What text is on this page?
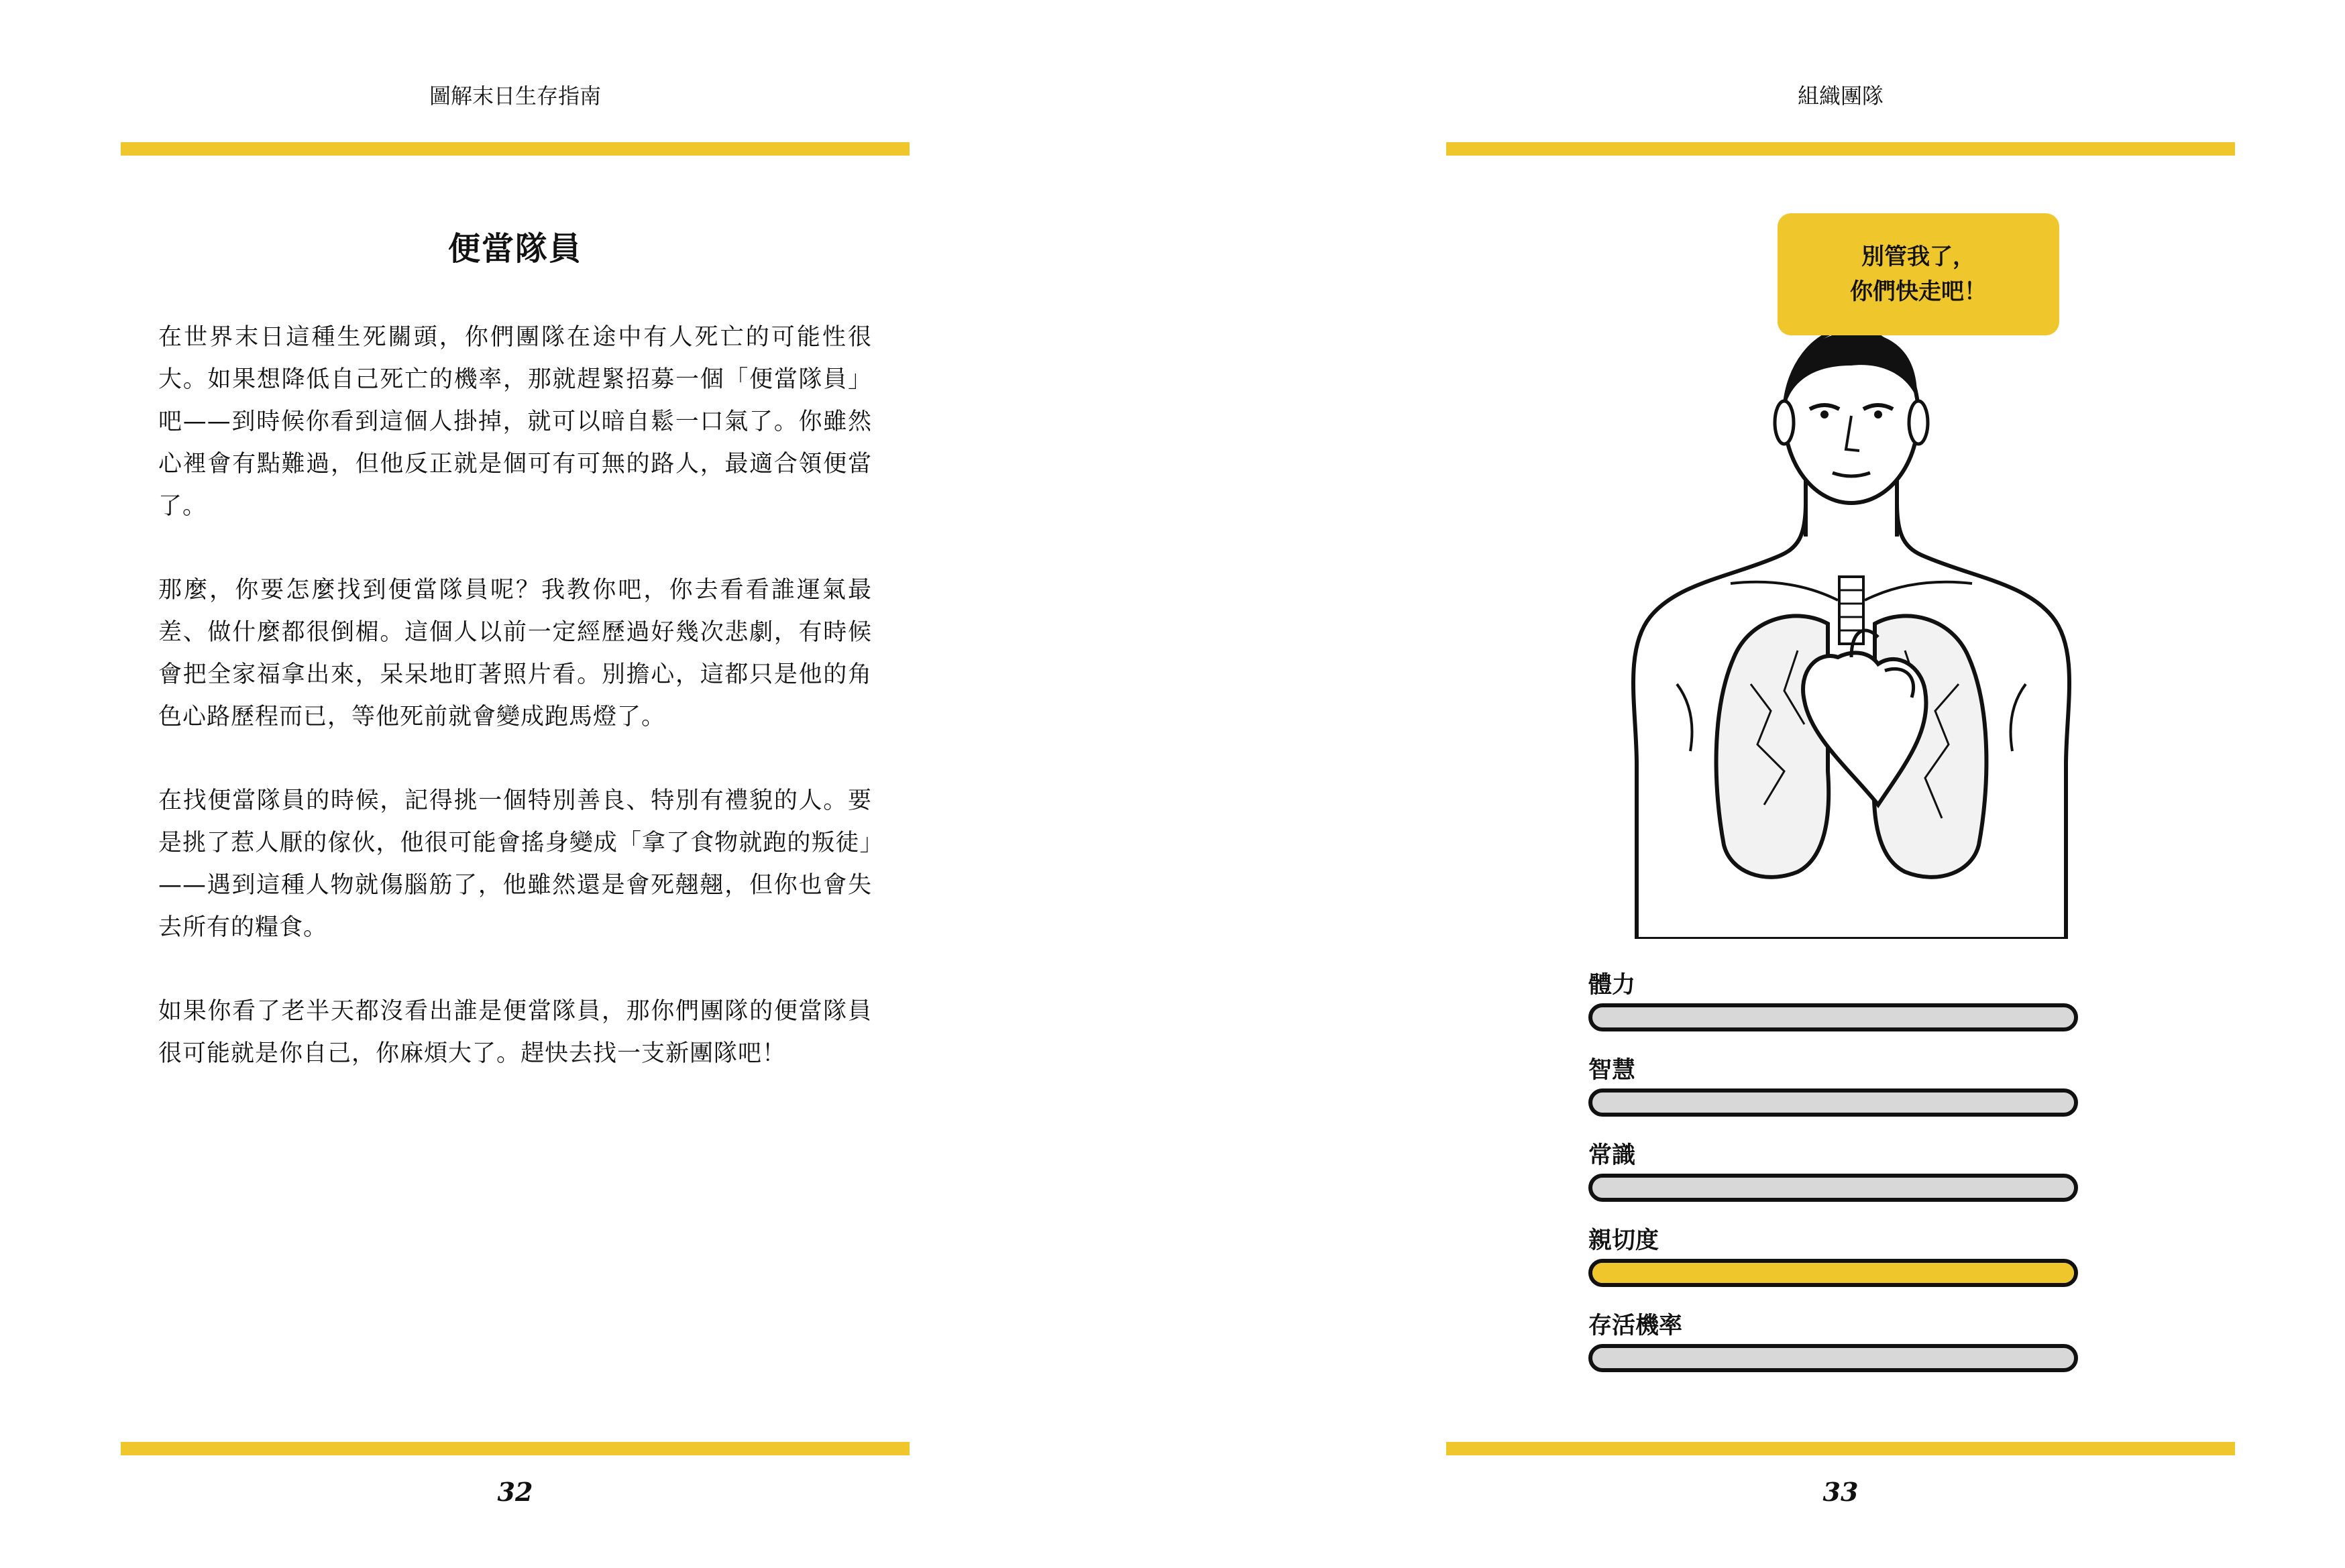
圖解末日生存指南
便當隊員

在世界末日這種生死關頭，你們團隊在途中有人死亡的可能性很大。如果想降低自己死亡的機率，那就趕緊招募一個「便當隊員」吧——到時候你看到這個人掛掉，就可以暗自鬆一口氣了。你雖然心裡會有點難過，但他反正就是個可有可無的路人，最適合領便當了。

那麼，你要怎麼找到便當隊員呢？我教你吧，你去看看誰運氣最差、做什麼都很倒楣。這個人以前一定經歷過好幾次悲劇，有時候會把全家福拿出來，呆呆地盯著照片看。別擔心，這都只是他的角色心路歷程而已，等他死前就會變成跑馬燈了。

在找便當隊員的時候，記得挑一個特別善良、特別有禮貌的人。要是挑了惹人厭的傢伙，他很可能會搖身變成「拿了食物就跑的叛徒」——遇到這種人物就傷腦筋了，他雖然還是會死翹翹，但你也會失去所有的糧食。

如果你看了老半天都沒看出誰是便當隊員，那你們團隊的便當隊員很可能就是你自己，你麻煩大了。趕快去找一支新團隊吧！

32
組織團隊
別管我了，
你們快走吧！
體力
智慧
常識
親切度
存活機率
33
